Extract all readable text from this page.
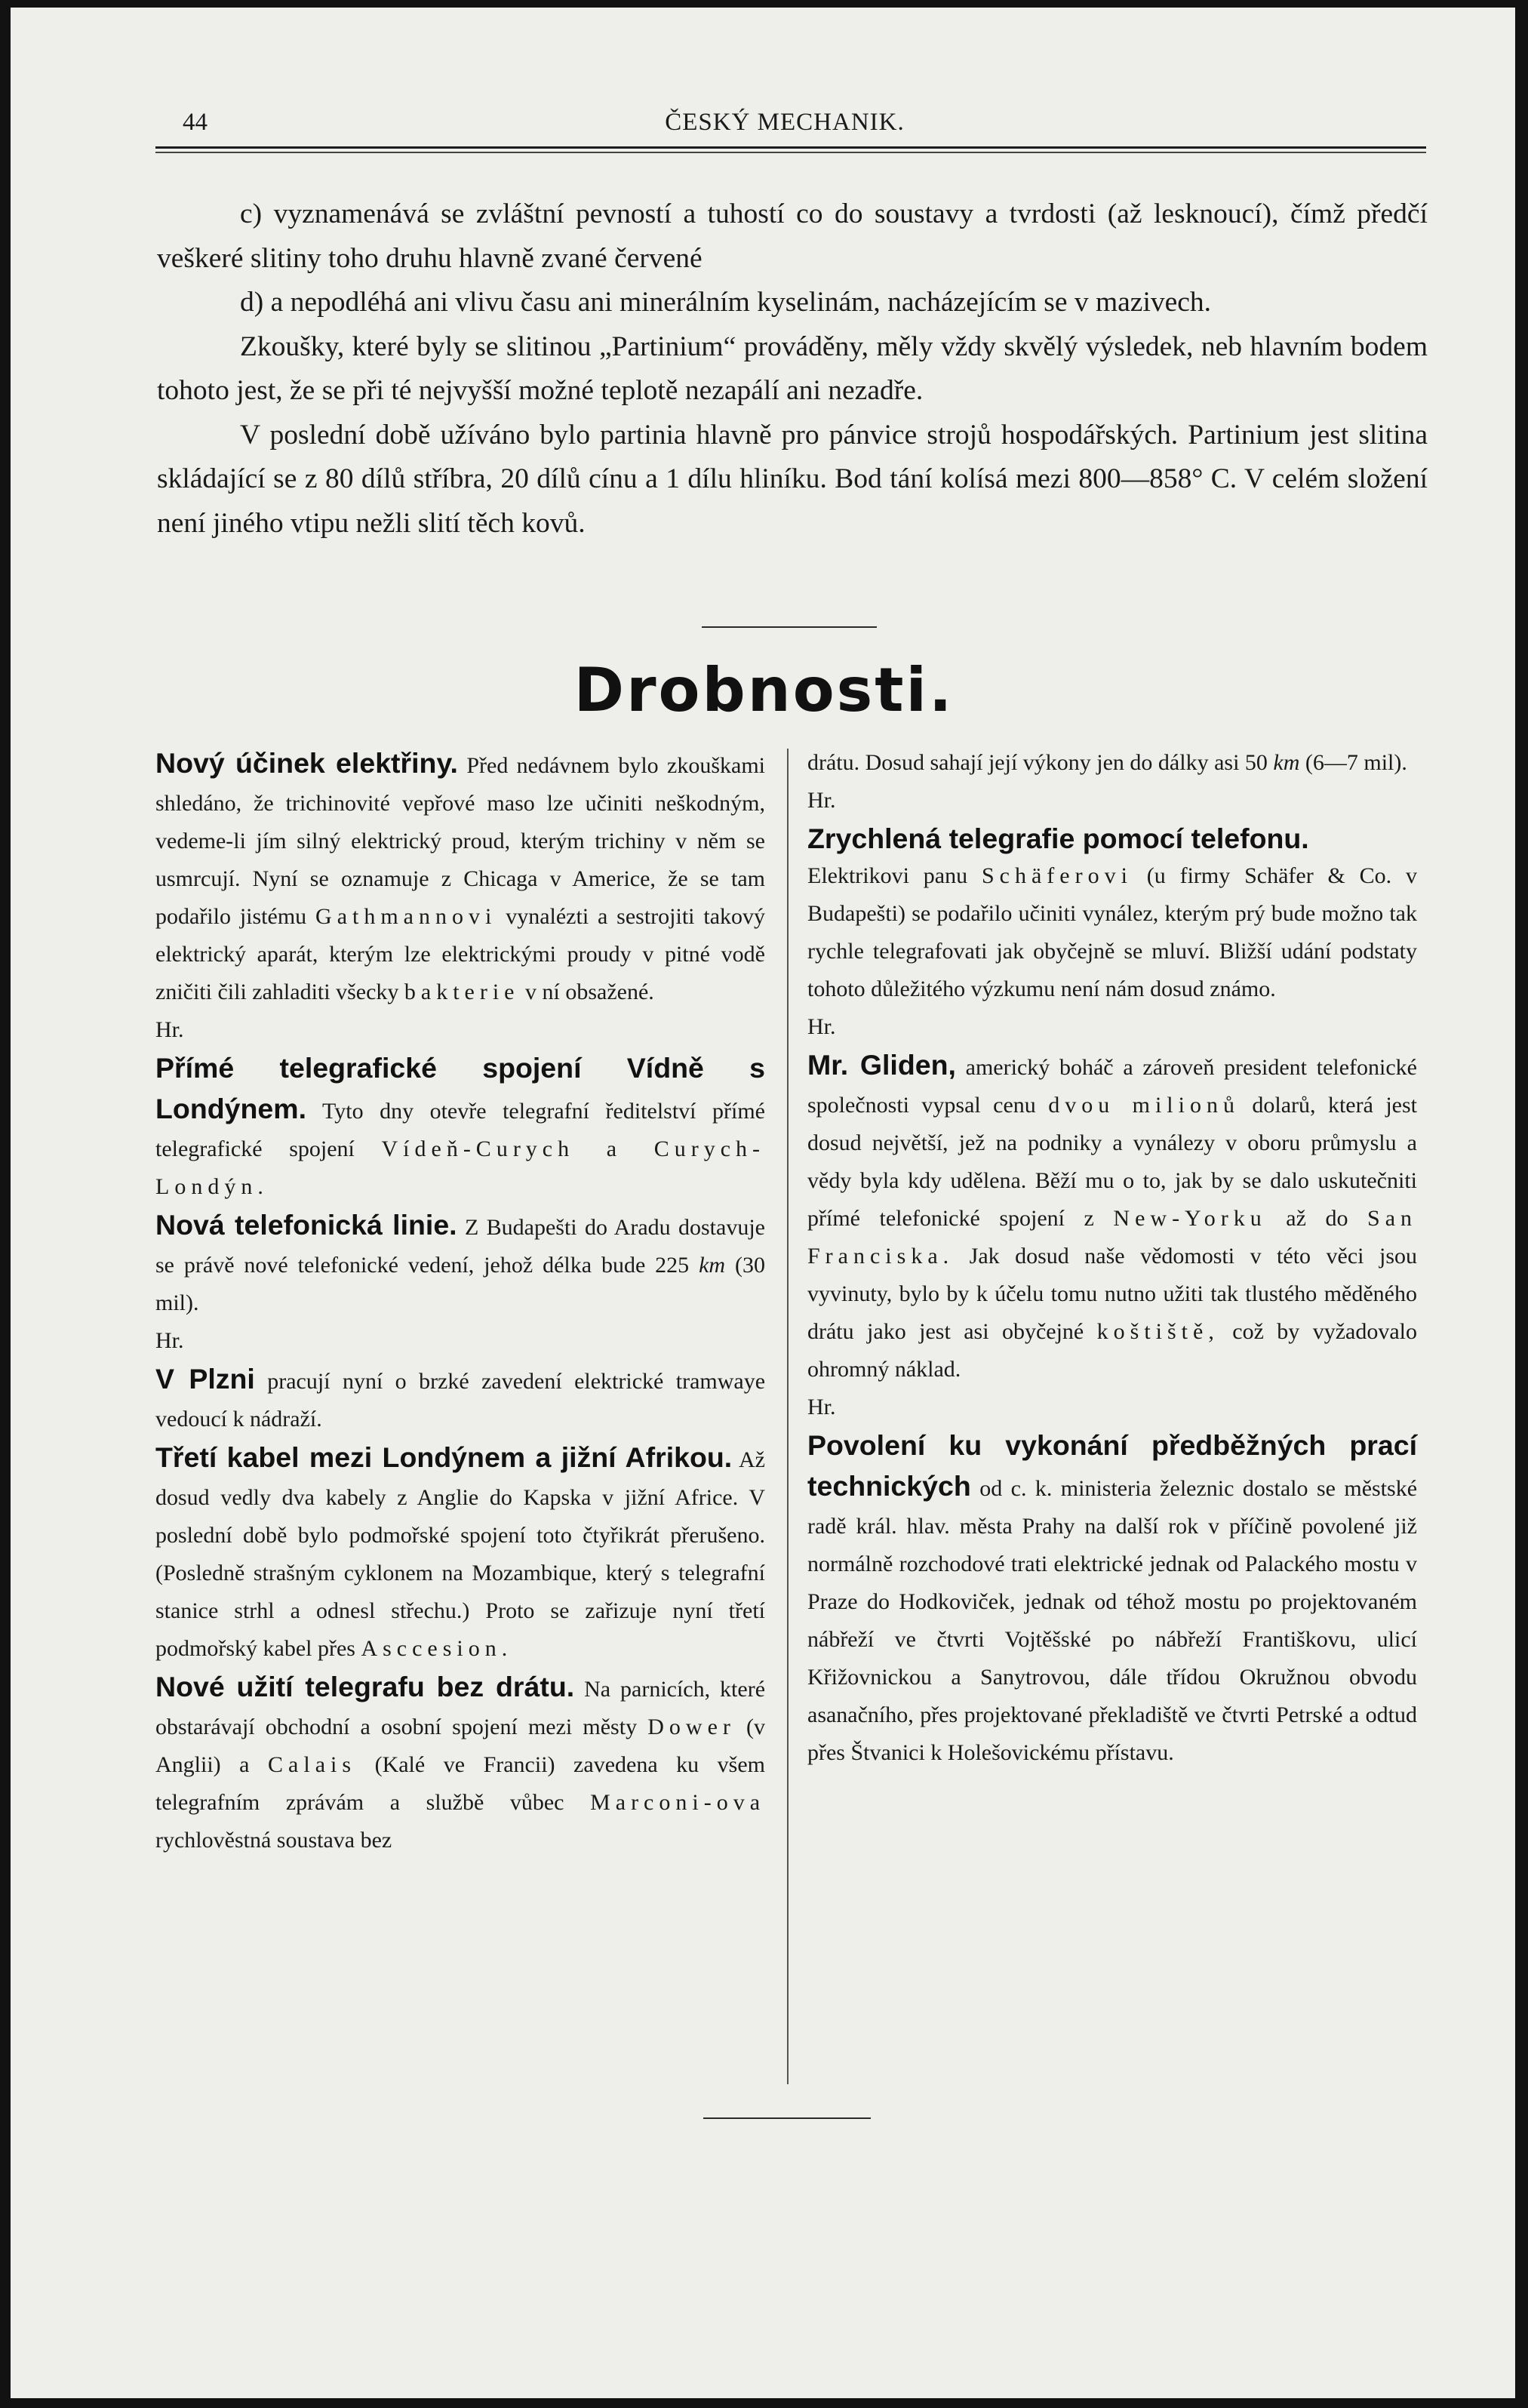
44	ČESKÝ MECHANIK.

c) vyznamenává se zvláštní pevností a tuhostí co do soustavy a tvrdosti (až lesknoucí), čímž předčí veškeré slitiny toho druhu hlavně zvané červené

d) a nepodléhá ani vlivu času ani minerálním kyselinám, nacházejícím se v mazivech.

Zkoušky, které byly se slitinou „Partinium“ prováděny, měly vždy skvělý výsledek, neb hlavním bodem tohoto jest, že se při té nejvyšší možné teplotě nezapálí ani nezadře.

V poslední době užíváno bylo partinia hlavně pro pánvice strojů hospodářských. Partinium jest slitina skládající se z 80 dílů stříbra, 20 dílů cínu a 1 dílu hliníku. Bod tání kolísá mezi 800—858° C. V celém složení není jiného vtipu nežli slití těch kovů.

Drobnosti.

Nový účinek elektřiny. Před nedávnem bylo zkouškami shledáno, že trichinovité vepřové maso lze učiniti neškodným, vedeme-li jím silný elektrický proud, kterým trichiny v něm se usmrcují. Nyní se oznamuje z Chicaga v Americe, že se tam podařilo jistému Gathmannovi vynalézti a sestrojiti takový elektrický aparát, kterým lze elektrickými proudy v pitné vodě zničiti čili zahladiti všecky bakterie v ní obsažené.
Hr.

Přímé telegrafické spojení Vídně s Londýnem. Tyto dny otevře telegrafní ředitelství přímé telegrafické spojení Vídeň-Curych a Curych-Londýn.

Nová telefonická linie. Z Budapešti do Aradu dostavuje se právě nové telefonické vedení, jehož délka bude 225 km (30 mil).
Hr.

V Plzni pracují nyní o brzké zavedení elektrické tramwaye vedoucí k nádraží.

Třetí kabel mezi Londýnem a jižní Afrikou. Až dosud vedly dva kabely z Anglie do Kapska v jižní Africe. V poslední době bylo podmořské spojení toto čtyřikrát přerušeno. (Posledně strašným cyklonem na Mozambique, který s telegrafní stanice strhl a odnesl střechu.) Proto se zařizuje nyní třetí podmořský kabel přes Asccesion.

Nové užití telegrafu bez drátu. Na parnicích, které obstarávají obchodní a osobní spojení mezi městy Dower (v Anglii) a Calais (Kalé ve Francii) zavedena ku všem telegrafním zprávám a službě vůbec Marconi-ova rychlověstná soustava bez

drátu. Dosud sahají její výkony jen do dálky asi 50 km (6—7 mil).
Hr.

Zrychlená telegrafie pomocí telefonu.
Elektrikovi panu Schäferovi (u firmy Schäfer & Co. v Budapešti) se podařilo učiniti vynález, kterým prý bude možno tak rychle telegrafovati jak obyčejně se mluví. Bližší udání podstaty tohoto důležitého výzkumu není nám dosud známo.
Hr.

Mr. Gliden, americký boháč a zároveň president telefonické společnosti vypsal cenu dvou milionů dolarů, která jest dosud největší, jež na podniky a vynálezy v oboru průmyslu a vědy byla kdy udělena. Běží mu o to, jak by se dalo uskutečniti přímé telefonické spojení z New-Yorku až do San Franciska. Jak dosud naše vědomosti v této věci jsou vyvinuty, bylo by k účelu tomu nutno užiti tak tlustého měděného drátu jako jest asi obyčejné koštiště, což by vyžadovalo ohromný náklad.
Hr.

Povolení ku vykonání předběžných prací technických od c. k. ministeria železnic dostalo se městské radě král. hlav. města Prahy na další rok v příčině povolené již normálně rozchodové trati elektrické jednak od Palackého mostu v Praze do Hodkoviček, jednak od téhož mostu po projektovaném nábřeží ve čtvrti Vojtěšské po nábřeží Františkovu, ulicí Křižovnickou a Sanytrovou, dále třídou Okružnou obvodu asanačního, přes projektované překladiště ve čtvrti Petrské a odtud přes Štvanici k Holešovickému přístavu.
